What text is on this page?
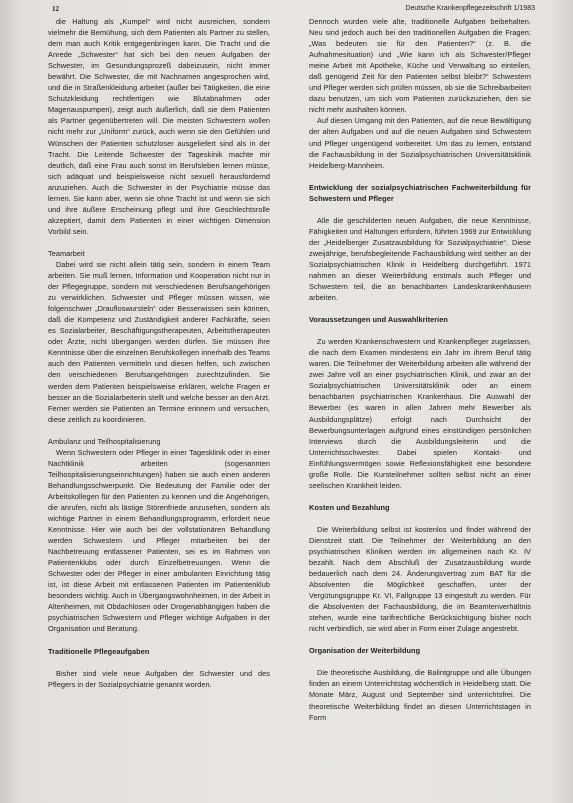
12	Deutsche Krankenpflegezeitschrift 1/1983

die Haltung als „Kumpel“ wird nicht ausreichen, sondern vielmehr die Bemühung, sich dem Patienten als Partner zu stellen, dem man auch Kritik entgegenbringen kann. Die Tracht und die Anrede „Schwester“ hat sich bei den neuen Aufgaben der Schwester, im Gesundungsprozeß dabeizusein, nicht immer bewährt. Die Schwester, die mit Nachnamen angesprochen wird, und die in Straßenkleidung arbeitet (außer bei Tätigkeiten, die eine Schutzkleidung rechtfertigen wie Blutabnahmen oder Magenauspumpen), zeigt auch äußerlich, daß sie dem Patienten als Partner gegenübertreten will. Die meisten Schwestern wollen nicht mehr zur „Uniform“ zurück, auch wenn sie den Gefühlen und Wünschen der Patienten schutzloser ausgeliefert sind als in der Tracht. Die Leitende Schwester der Tageskinik machte mir deutlich, daß eine Frau auch sonst im Berufsleben lernen müsse, sich adäquat und beispielsweise nicht sexuell herausfordernd anzuziehen. Auch die Schwester in der Psychiatrie müsse das lernen. Sie kann aber, wenn sie ohne Tracht ist und wenn sie sich und ihre äußere Erscheinung pflegt und ihre Geschlechtsrolle akzeptiert, damit dem Patienten in einer wichtigen Dimension Vorbild sein.

Teamarbeit

Dabei wird sie nicht allein tätig sein, sondern in einem Team arbeiten. Sie muß lernen, Information und Kooperation nicht nur in der Pflegegruppe, sondern mit verschiedenen Berufsangehörigen zu verwirklichen. Schwester und Pfleger müssen wissen, wie folgenschwer „Draufloswursteln“ oder Besserwissen sein können, daß die Kompetenz und Zuständigkeit anderer Fachkräfte, seien es Sozialarbeiter, Beschäftigungstherapeuten, Arbeitstherapeuten oder Ärzte, nicht übergangen werden dürfen. Sie müssen ihre Kenntnisse über die einzelnen Berufskollegen innerhalb des Teams auch den Patienten vermitteln und diesen helfen, sich zwischen den verschiedenen Berufsangehörigen zurechtzufinden. Sie werden dem Patienten beispielsweise erklären, welche Fragen er besser an die Sozialarbeiterin stellt und welche besser an den Arzt. Ferner werden sie Patienten an Termine erinnern und versuchen, diese zeitlich zu koordinieren.

Ambulanz und Teilhospitalisierung

Wenn Schwestern oder Pfleger in einer Tagesklinik oder in einer Nachtklinik arbeiten (sogenannten Teilhospitalisierungseinrichtungen) haben sie auch einen anderen Behandlungsschwerpunkt. Die Bedeutung der Familie oder der Arbeitskollegen für den Patienten zu kennen und die Angehörigen, die anrufen, nicht als lästige Störenfriede anzusehen, sondern als wichtige Partner in einem Behandlungsprogramm, erfordert neue Kenntnisse. Hier wie auch bei der vollstationären Behandlung werden Schwestern und Pfleger mitarbeiten bei der Nachbetreuung entlassener Patienten, sei es im Rahmen von Patientenklubs oder durch Einzelbetreuungen. Wenn die Schwester oder der Pfleger in einer ambulanten Einrichtung tätig ist, ist diese Arbeit mit entlassenen Patienten im Patientenklub besonders wichtig. Auch in Übergangswohnheimen, in der Arbeit in Altenheimen, mit Obdachlosen oder Drogenabhängigen haben die psychiatrischen Schwestern und Pfleger wichtige Aufgaben in der Organisation und Beratung.

Traditionelle Pflegeaufgaben

Bisher sind viele neue Aufgaben der Schwester und des Pflegers in der Sozialpsychiatrie genannt worden.

Dennoch wurden viele alte, traditionelle Aufgaben beibehalten. Neu sind jedoch auch bei den traditionellen Aufgaben die Fragen: „Was bedeuten sie für den Patienten?“ (z. B. die Aufnahmesituation) und „Wie kann ich als Schwester/Pfleger meine Arbeit mit Apotheke, Küche und Verwaltung so einteilen, daß genügend Zeit für den Patienten selbst bleibt?“ Schwestern und Pfleger werden sich prüfen müssen, ob sie die Schreibarbeiten dazu benutzen, um sich vom Patienten zurückzuziehen, den sie nicht mehr aushalten können.

Auf diesen Umgang mit den Patienten, auf die neue Bewältigung der alten Aufgaben und auf die neuen Aufgaben sind Schwestern und Pfleger ungenügend vorbereitet. Um das zu lernen, entstand die Fachausbildung in der Sozialpsychiatrischen Universitätsklinik Heidelberg-Mannheim.

Entwicklung der sozialpsychiatrischen Fachweiterbildung für Schwestern und Pfleger

Alle die geschilderten neuen Aufgaben, die neue Kenntnisse, Fähigkeiten und Haltungen erfordern, führten 1969 zur Entwicklung der „Heidelberger Zusatzausbildung für Sozialpsychiatrie“. Diese zweijährige, berufsbegleitende Fachausbildung wird seither an der Sozialpsychiatrischen Klinik in Heidelberg durchgeführt. 1971 nahmen an dieser Weiterbildung erstmals auch Pfleger und Schwestern teil, die an benachbarten Landeskrankenhäusern arbeiten.

Voraussetzungen und Auswahlkriterien

Zu werden Krankenschwestern und Krankenpfleger zugelassen, die nach dem Examen mindestens ein Jahr im ihrem Beruf tätig waren. Die Teilnehmer der Weiterbildung arbeiten alle während der zwei Jahre voll an einer psychiatrischen Klinik, und zwar an der Sozialpsychiatrischen Universitätsklinik oder an einem benachbarten psychiatrischen Krankenhaus. Die Auswahl der Bewerber (es waren in allen Jahren mehr Bewerber als Ausbildungsplätze) erfolgt nach Durchsicht der Bewerbungsunterlagen aufgrund eines einstündigen persönlichen Interviews durch die Ausbildungsleiterin und die Unterrichtsschwester. Dabei spielen Kontakt- und Einfühlungsvermögen sowie Reflexionsfähigkeit eine besondere große Rolle. Die Kursteilnehmer sollten selbst nicht an einer seelischen Krankheit leiden.

Kosten und Bezahlung

Die Weiterbildung selbst ist kostenlos und findet während der Dienstzeit statt. Die Teilnehmer der Weiterbildung an den psychiatrischen Kliniken werden im allgemeinen nach Kr. IV bezahlt. Nach dem Abschluß der Zusatzausbildung wurde bedauerlich nach dem 24. Änderungsvertrag zum BAT für die Absolventen die Möglichkeit geschaffen, unter der Vergütungsgruppe Kr. VI, Fallgruppe 13 eingestuft zu werden. Für die Absolventen der Fachausbildung, die im Beamtenverhältnis stehen, wurde eine tarifrechtliche Berücksichtigung bisher noch nicht verbindlich, sie wird aber in Form einer Zulage angestrebt.

Organisation der Weiterbildung

Die theoretische Ausbildung, die Balintgruppe und alle Übungen finden an einem Unterrichtstag wöchentlich in Heidelberg statt. Die Monate März, August und September sind unterrichtsfrei. Die theoretische Weiterbildung findet an diesen Unterrichtstagen in Form
